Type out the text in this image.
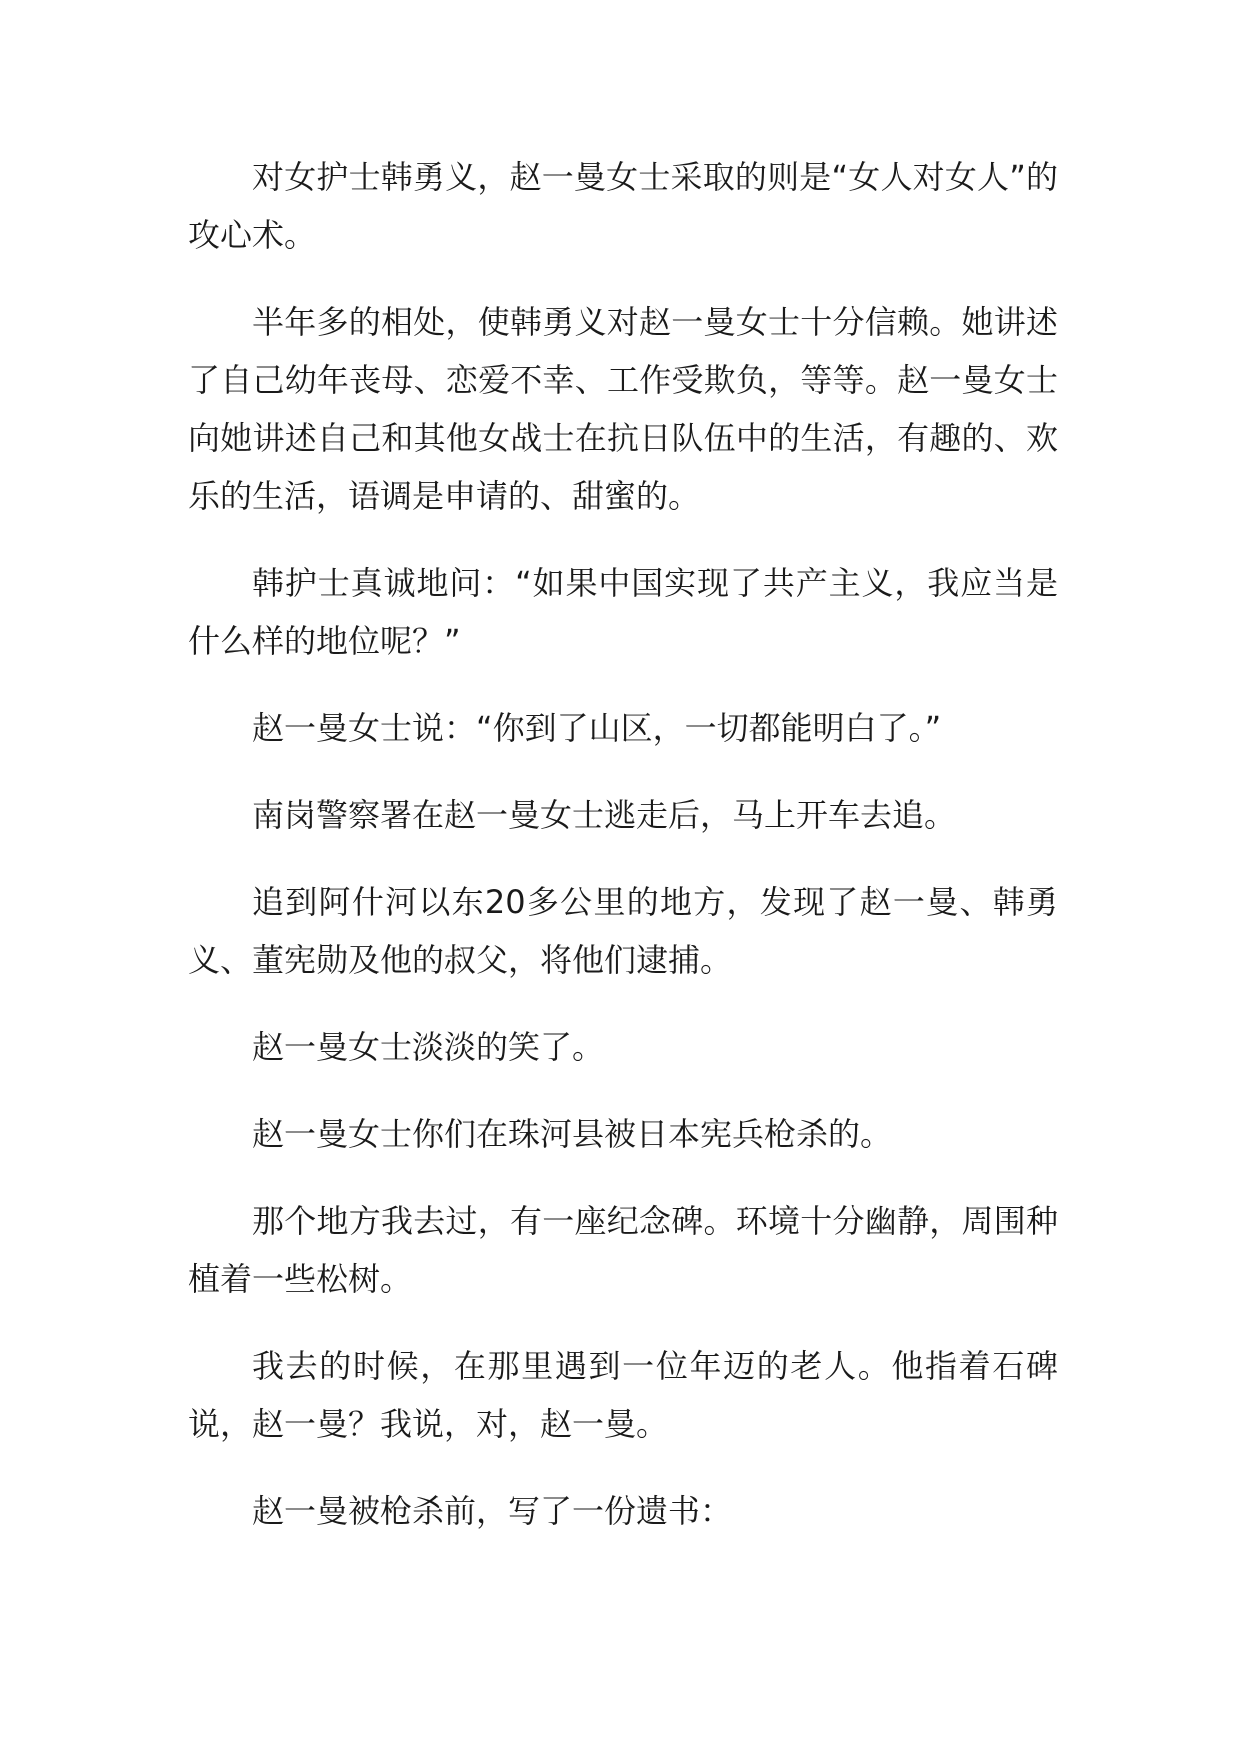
对女护士韩勇义，赵一曼女士采取的则是“女人对女人”的攻心术。

半年多的相处，使韩勇义对赵一曼女士十分信赖。她讲述了自己幼年丧母、恋爱不幸、工作受欺负，等等。赵一曼女士向她讲述自己和其他女战士在抗日队伍中的生活，有趣的、欢乐的生活，语调是申请的、甜蜜的。

韩护士真诚地问：“如果中国实现了共产主义，我应当是什么样的地位呢？”

赵一曼女士说：“你到了山区，一切都能明白了。”

南岗警察署在赵一曼女士逃走后，马上开车去追。

追到阿什河以东20多公里的地方，发现了赵一曼、韩勇义、董宪勋及他的叔父，将他们逮捕。

赵一曼女士淡淡的笑了。

赵一曼女士你们在珠河县被日本宪兵枪杀的。

那个地方我去过，有一座纪念碑。环境十分幽静，周围种植着一些松树。

我去的时候，在那里遇到一位年迈的老人。他指着石碑说，赵一曼？我说，对，赵一曼。

赵一曼被枪杀前，写了一份遗书：
